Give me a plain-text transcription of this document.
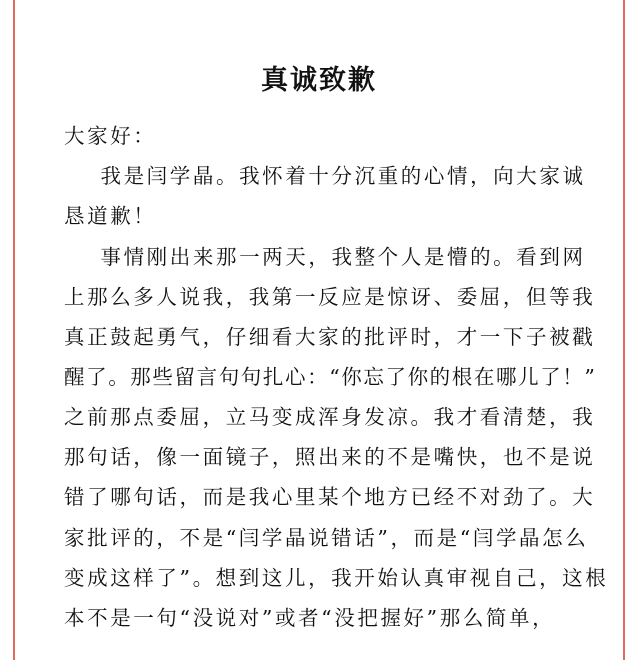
真诚致歉
大家好：
我是闫学晶。我怀着十分沉重的心情，向大家诚
恳道歉！
事情刚出来那一两天，我整个人是懵的。看到网
上那么多人说我，我第一反应是惊讶、委屈，但等我
真正鼓起勇气，仔细看大家的批评时，才一下子被戳
醒了。那些留言句句扎心：“你忘了你的根在哪儿了！”
之前那点委屈，立马变成浑身发凉。我才看清楚，我
那句话，像一面镜子，照出来的不是嘴快，也不是说
错了哪句话，而是我心里某个地方已经不对劲了。大
家批评的，不是“闫学晶说错话”，而是“闫学晶怎么
变成这样了”。想到这儿，我开始认真审视自己，这根
本不是一句“没说对”或者“没把握好”那么简单，
